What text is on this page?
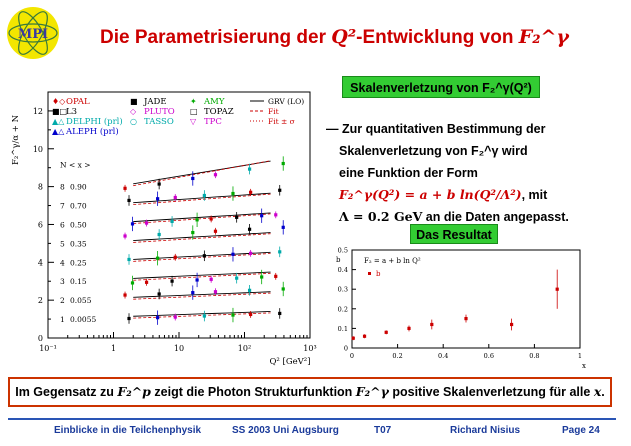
MPI	Die Parametrisierung der Q²-Entwicklung von F₂^γ
10⁻¹	1	10	10²	10³
0
2
4
6
8
10
12
Q² [GeV²]
F₂^γ/α + N
♦◇ OPAL
■□
L3
▲△ DELPHI (prl)
▲△ ALEPH (prl)
■ JADE
◇ PLUTO
○ TASSO
✦ AMY
□ TOPAZ
▽ TPC
GRV (LO)
Fit
Fit ± σ
N < x >
8 0.90
7 0.70
6 0.50
5 0.35
4 0.25
3 0.15
2 0.055
1 0.0055
Skalenverletzung von F₂^γ(Q²)
— Zur quantitativen Bestimmung der
Skalenverletzung von F₂^γ wird
eine Funktion der Form
F₂^γ(Q²) = a + b ln(Q²/Λ²), mit
Λ = 0.2 GeV an die Daten angepasst.
Das Resultat
0	0.2	0.4	0.6	0.8	1
0
0.1
0.2
0.3
0.4
0.5
x
b	F₂ = a + b ln Q²
b
Im Gegensatz zu F₂^p zeigt die Photon Strukturfunktion F₂^γ positive Skalenverletzung für alle x.
Einblicke in die Teilchenphysik	SS 2003 Uni Augsburg	T07	Richard Nisius	Page 24
